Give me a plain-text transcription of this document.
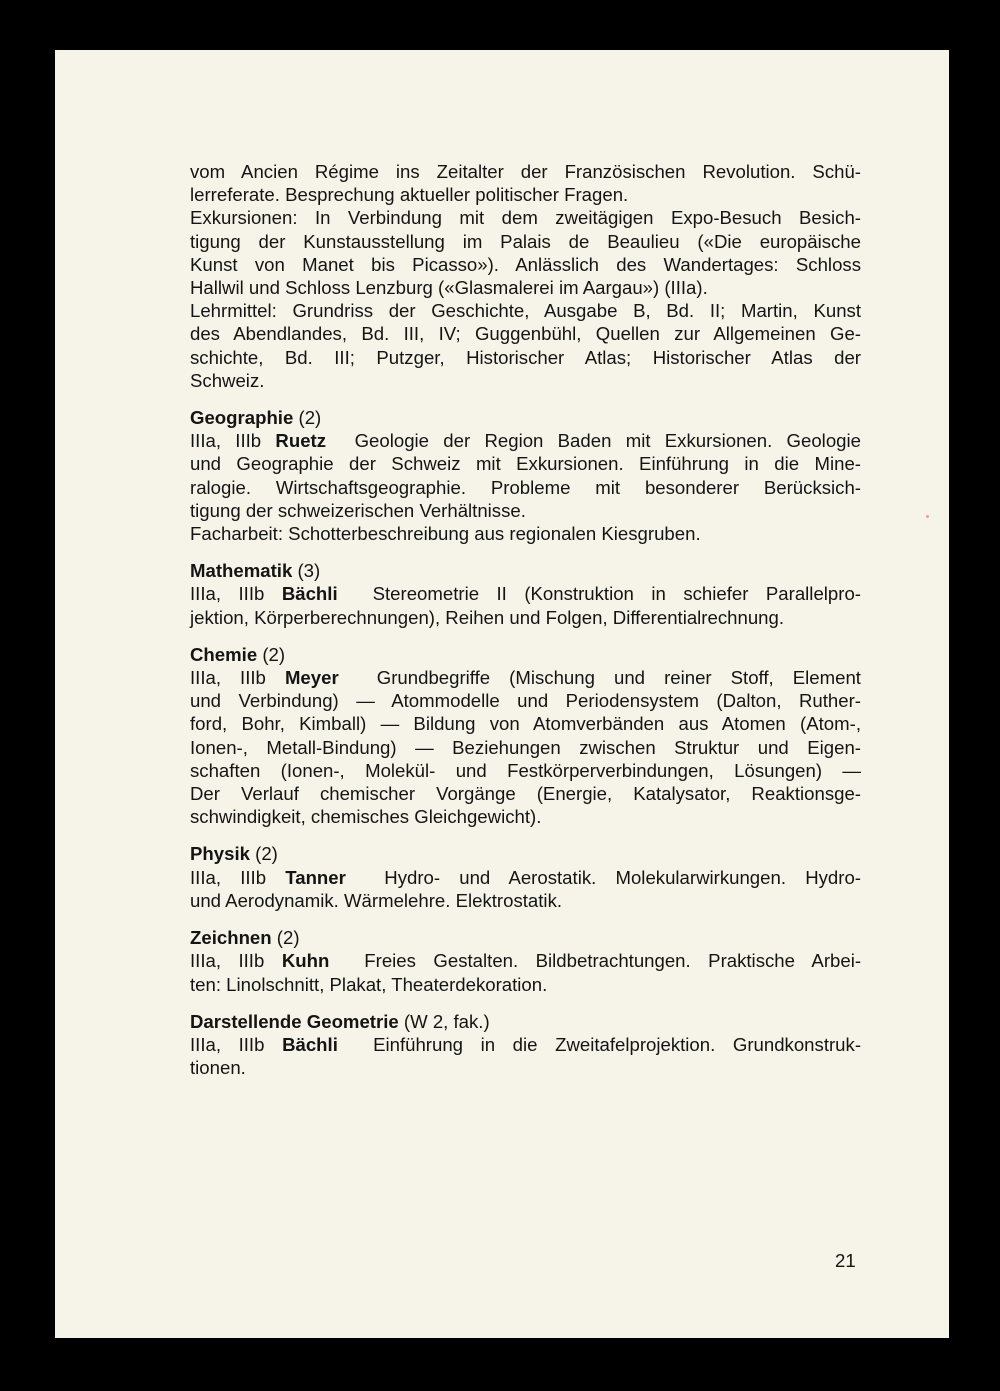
vom Ancien Régime ins Zeitalter der Französischen Revolution. Schü-
lerreferate. Besprechung aktueller politischer Fragen.
Exkursionen: In Verbindung mit dem zweitägigen Expo-Besuch Besich-
tigung der Kunstausstellung im Palais de Beaulieu («Die europäische
Kunst von Manet bis Picasso»). Anlässlich des Wandertages: Schloss
Hallwil und Schloss Lenzburg («Glasmalerei im Aargau») (IIIa).
Lehrmittel: Grundriss der Geschichte, Ausgabe B, Bd. II; Martin, Kunst
des Abendlandes, Bd. III, IV; Guggenbühl, Quellen zur Allgemeinen Ge-
schichte, Bd. III; Putzger, Historischer Atlas; Historischer Atlas der
Schweiz.
Geographie (2)
IIIa, IIIb Ruetz Geologie der Region Baden mit Exkursionen. Geologie
und Geographie der Schweiz mit Exkursionen. Einführung in die Mine-
ralogie. Wirtschaftsgeographie. Probleme mit besonderer Berücksich-
tigung der schweizerischen Verhältnisse.
Facharbeit: Schotterbeschreibung aus regionalen Kiesgruben.
Mathematik (3)
IIIa, IIIb Bächli Stereometrie II (Konstruktion in schiefer Parallelpro-
jektion, Körperberechnungen), Reihen und Folgen, Differentialrechnung.
Chemie (2)
IIIa, IIIb Meyer Grundbegriffe (Mischung und reiner Stoff, Element
und Verbindung) — Atommodelle und Periodensystem (Dalton, Ruther-
ford, Bohr, Kimball) — Bildung von Atomverbänden aus Atomen (Atom-,
Ionen-, Metall-Bindung) — Beziehungen zwischen Struktur und Eigen-
schaften (Ionen-, Molekül- und Festkörperverbindungen, Lösungen) —
Der Verlauf chemischer Vorgänge (Energie, Katalysator, Reaktionsge-
schwindigkeit, chemisches Gleichgewicht).
Physik (2)
IIIa, IIIb Tanner Hydro- und Aerostatik. Molekularwirkungen. Hydro-
und Aerodynamik. Wärmelehre. Elektrostatik.
Zeichnen (2)
IIIa, IIIb Kuhn Freies Gestalten. Bildbetrachtungen. Praktische Arbei-
ten: Linolschnitt, Plakat, Theaterdekoration.
Darstellende Geometrie (W 2, fak.)
IIIa, IIIb Bächli Einführung in die Zweitafelprojektion. Grundkonstruk-
tionen.
21
